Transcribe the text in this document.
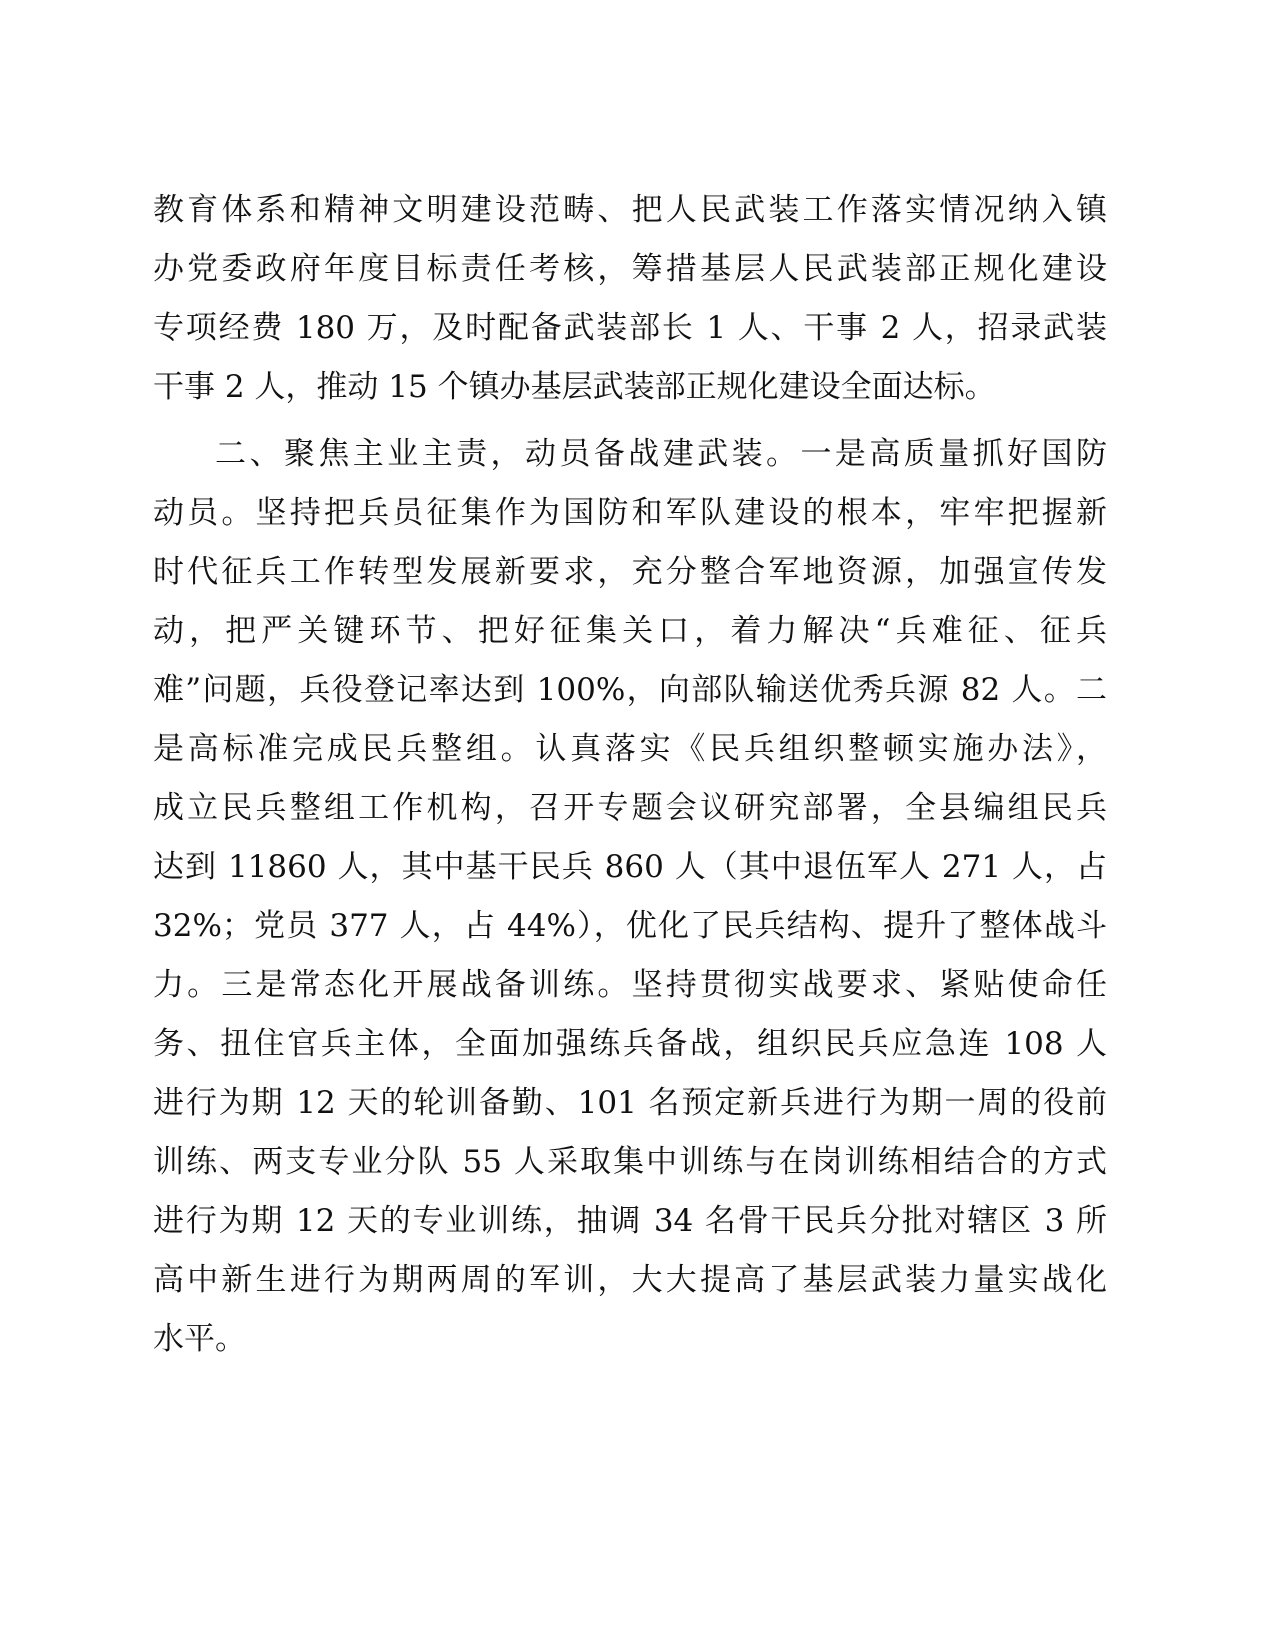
教育体系和精神文明建设范畴、把人民武装工作落实情况纳入镇
办党委政府年度目标责任考核，筹措基层人民武装部正规化建设
专项经费 180 万，及时配备武装部长 1 人、干事 2 人，招录武装
干事 2 人，推动 15 个镇办基层武装部正规化建设全面达标。
二、聚焦主业主责，动员备战建武装。一是高质量抓好国防
动员。坚持把兵员征集作为国防和军队建设的根本，牢牢把握新
时代征兵工作转型发展新要求，充分整合军地资源，加强宣传发
动，把严关键环节、把好征集关口，着力解决“兵难征、征兵
难”问题，兵役登记率达到 100%，向部队输送优秀兵源 82 人。二
是高标准完成民兵整组。认真落实《民兵组织整顿实施办法》，
成立民兵整组工作机构，召开专题会议研究部署，全县编组民兵
达到 11860 人，其中基干民兵 860 人（其中退伍军人 271 人，占
32%；党员 377 人，占 44%），优化了民兵结构、提升了整体战斗
力。三是常态化开展战备训练。坚持贯彻实战要求、紧贴使命任
务、扭住官兵主体，全面加强练兵备战，组织民兵应急连 108 人
进行为期 12 天的轮训备勤、101 名预定新兵进行为期一周的役前
训练、两支专业分队 55 人采取集中训练与在岗训练相结合的方式
进行为期 12 天的专业训练，抽调 34 名骨干民兵分批对辖区 3 所
高中新生进行为期两周的军训，大大提高了基层武装力量实战化
水平。
